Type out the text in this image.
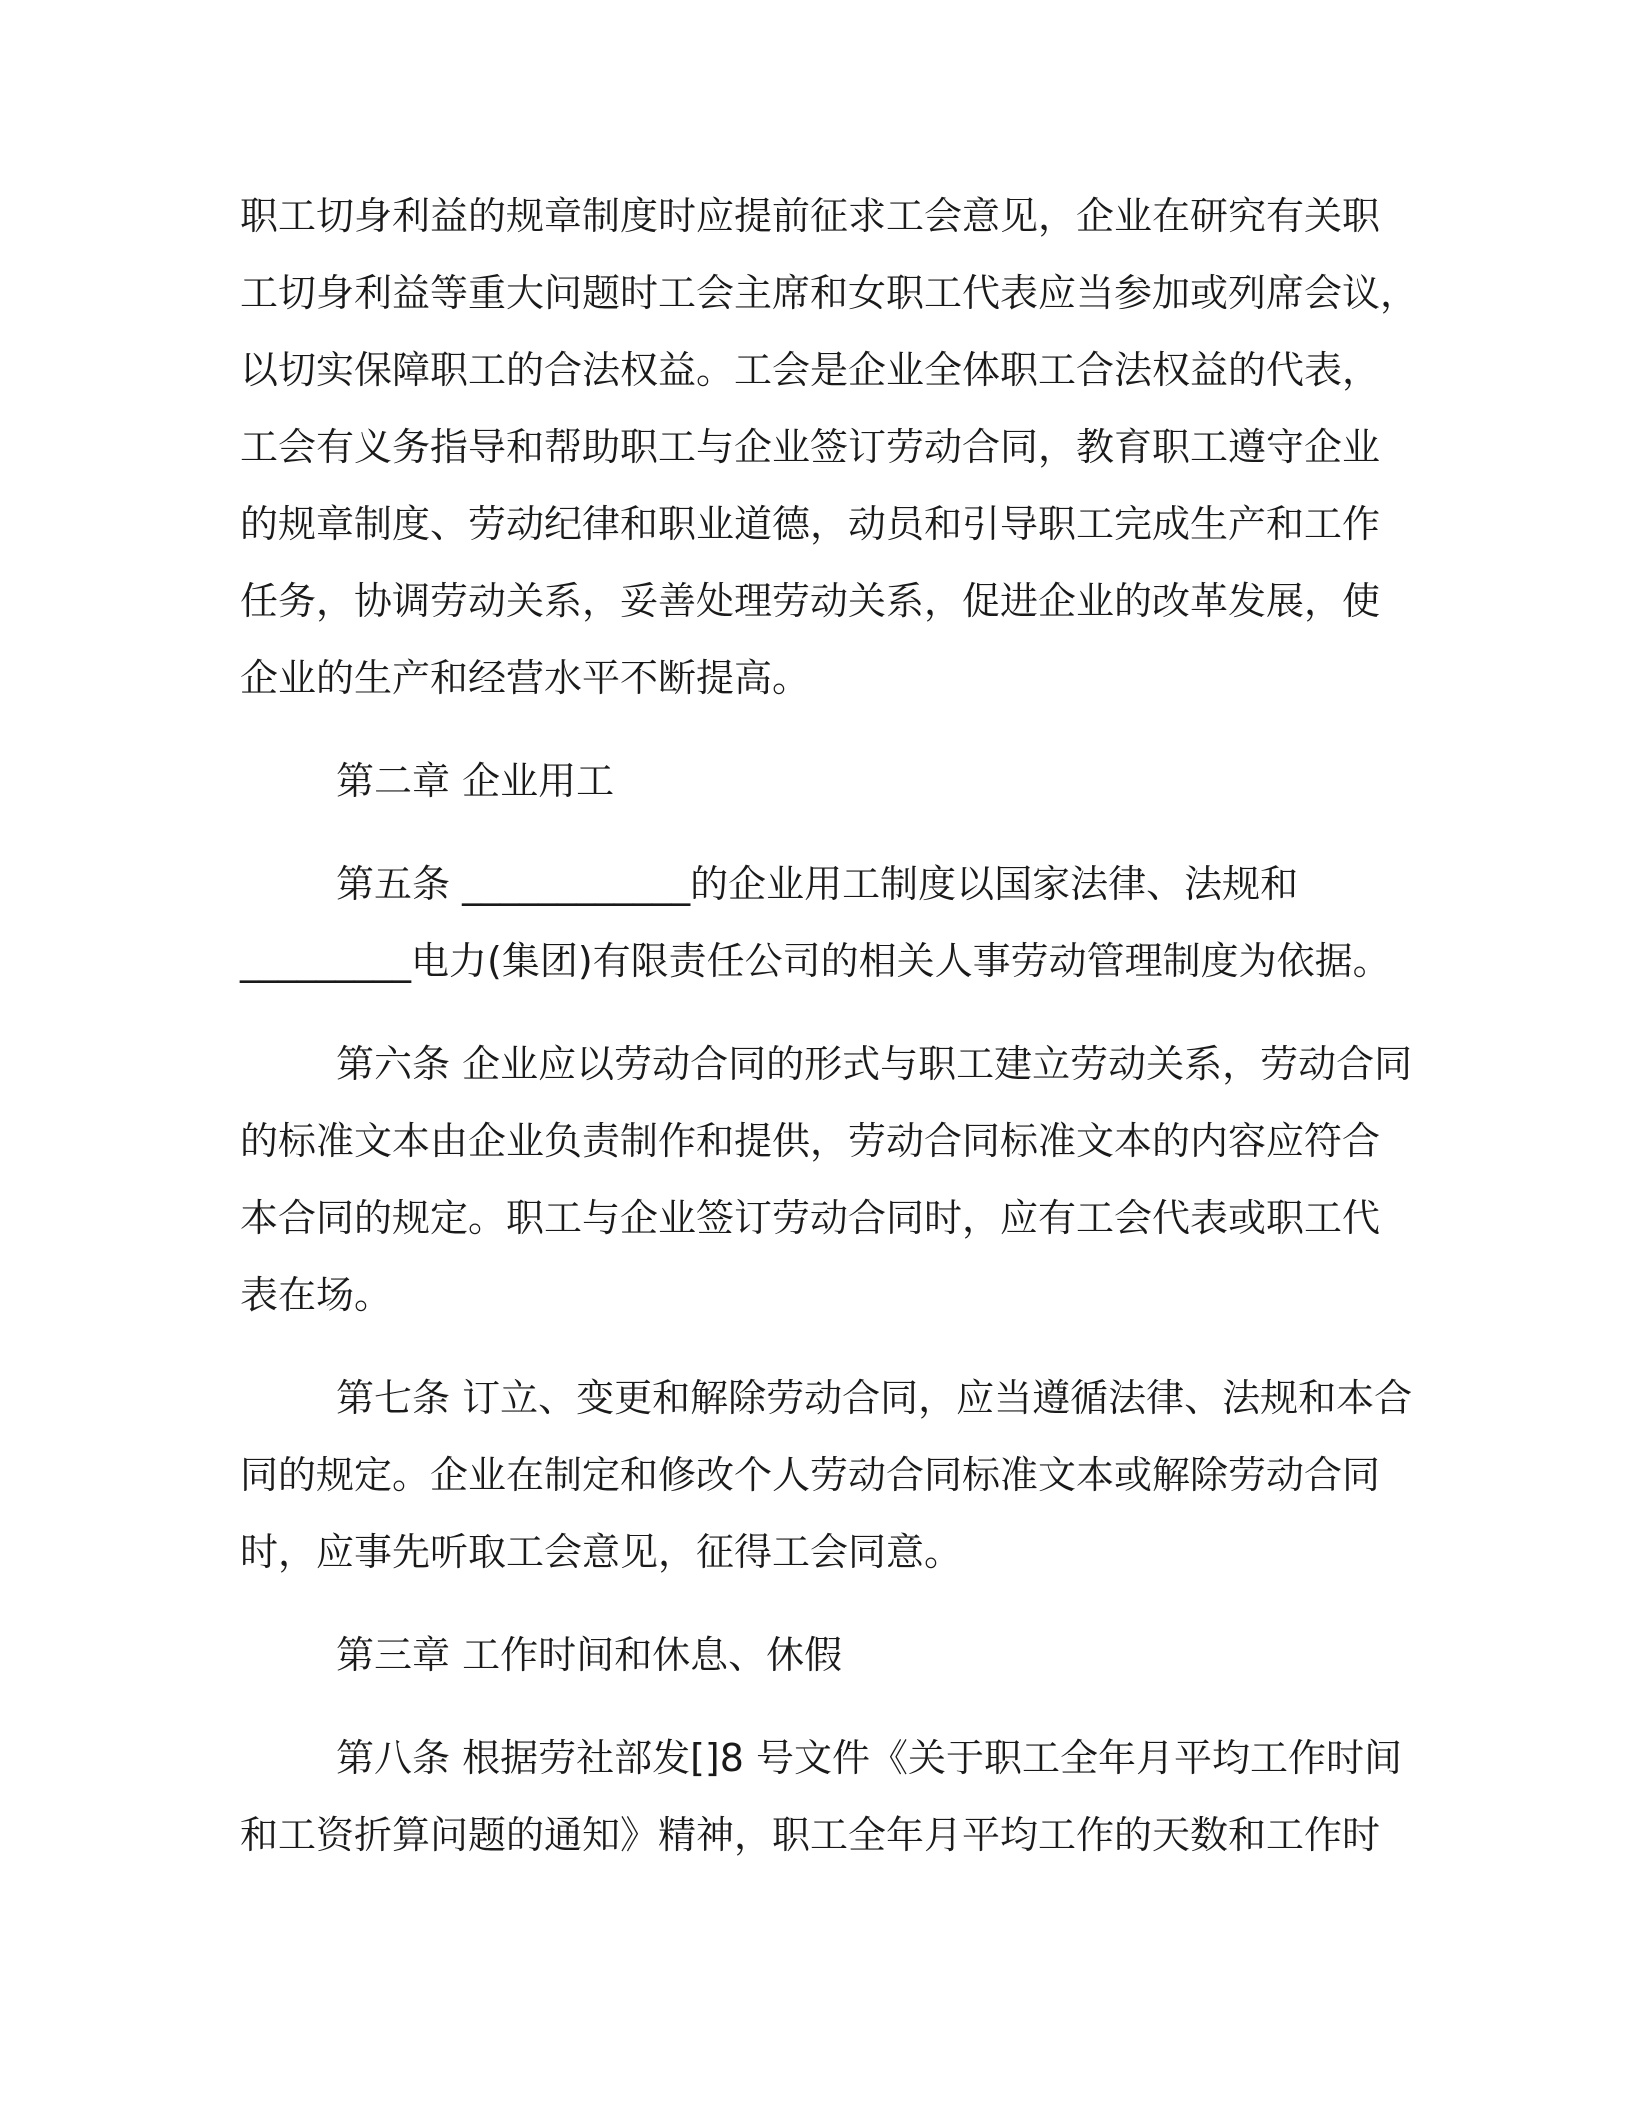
职工切身利益的规章制度时应提前征求工会意见，企业在研究有关职
工切身利益等重大问题时工会主席和女职工代表应当参加或列席会议，
以切实保障职工的合法权益。工会是企业全体职工合法权益的代表，
工会有义务指导和帮助职工与企业签订劳动合同，教育职工遵守企业
的规章制度、劳动纪律和职业道德，动员和引导职工完成生产和工作
任务，协调劳动关系，妥善处理劳动关系，促进企业的改革发展，使
企业的生产和经营水平不断提高。
第二章 企业用工
第五条 ____________的企业用工制度以国家法律、法规和
_________电力(集团)有限责任公司的相关人事劳动管理制度为依据。
第六条 企业应以劳动合同的形式与职工建立劳动关系，劳动合同
的标准文本由企业负责制作和提供，劳动合同标准文本的内容应符合
本合同的规定。职工与企业签订劳动合同时，应有工会代表或职工代
表在场。
第七条 订立、变更和解除劳动合同，应当遵循法律、法规和本合
同的规定。企业在制定和修改个人劳动合同标准文本或解除劳动合同
时，应事先听取工会意见，征得工会同意。
第三章 工作时间和休息、休假
第八条 根据劳社部发[]8 号文件《关于职工全年月平均工作时间
和工资折算问题的通知》精神，职工全年月平均工作的天数和工作时
